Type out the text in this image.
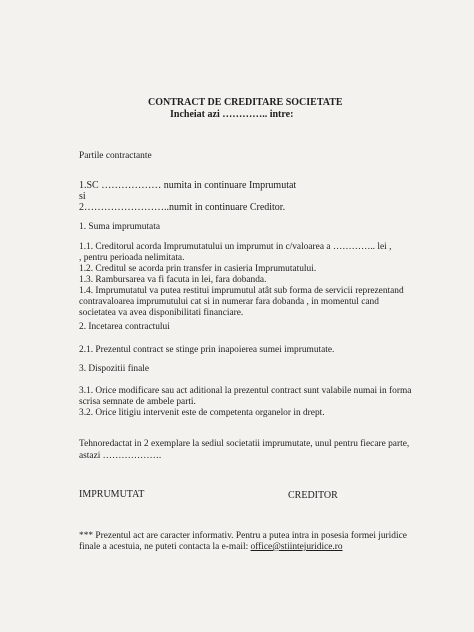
CONTRACT DE CREDITARE SOCIETATE
Incheiat azi ………….. intre:
Partile contractante
1.SC ……………… numita in continuare Imprumutat
si
2……………………..numit in continuare Creditor.
1. Suma imprumutata
1.1. Creditorul acorda Imprumutatului un imprumut in c/valoarea a ………….. lei ,
, pentru perioada nelimitata.
1.2. Creditul se acorda prin transfer in casieria Imprumutatului.
1.3. Rambursarea va fi facuta in lei, fara dobanda.
1.4. Imprumutatul va putea restitui imprumutul atât sub forma de servicii reprezentand
contravaloarea imprumutului cat si in numerar fara dobanda , in momentul cand
societatea va avea disponibilitati financiare.
2. Incetarea contractului
2.1. Prezentul contract se stinge prin inapoierea sumei imprumutate.
3. Dispozitii finale
3.1. Orice modificare sau act aditional la prezentul contract sunt valabile numai in forma
scrisa semnate de ambele parti.
3.2. Orice litigiu intervenit este de competenta organelor in drept.
Tehnoredactat in 2 exemplare la sediul societatii imprumutate, unul pentru fiecare parte,
astazi ……………….
IMPRUMUTAT	CREDITOR
*** Prezentul act are caracter informativ. Pentru a putea intra in posesia formei juridice
finale a acestuia, ne puteti contacta la e-mail: office@stiintejuridice.ro
